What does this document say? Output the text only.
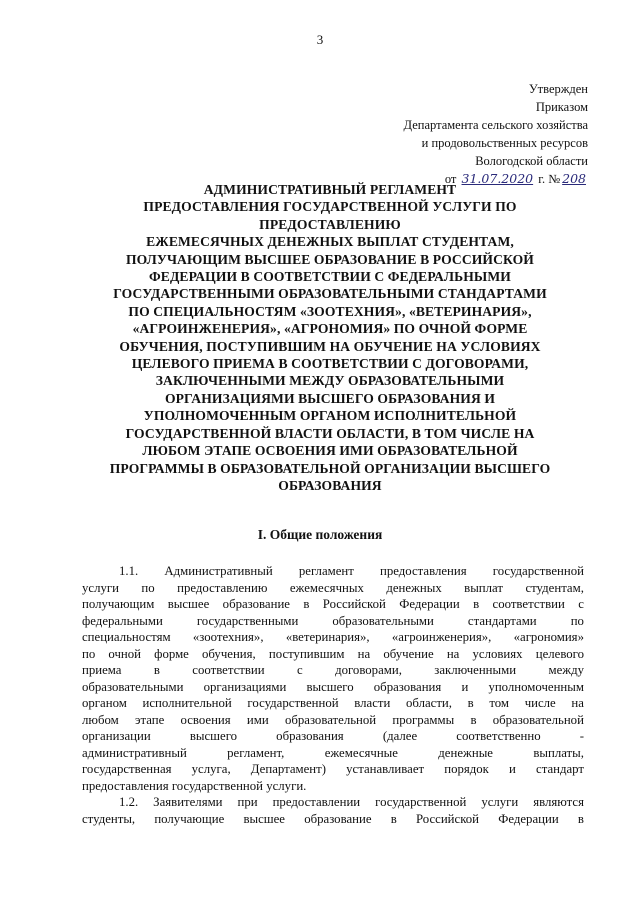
3
Утвержден
Приказом
Департамента сельского хозяйства
и продовольственных ресурсов
Вологодской области
от 31.07.2020 г. № 208
АДМИНИСТРАТИВНЫЙ РЕГЛАМЕНТ
ПРЕДОСТАВЛЕНИЯ ГОСУДАРСТВЕННОЙ УСЛУГИ ПО
ПРЕДОСТАВЛЕНИЮ
ЕЖЕМЕСЯЧНЫХ ДЕНЕЖНЫХ ВЫПЛАТ СТУДЕНТАМ,
ПОЛУЧАЮЩИМ ВЫСШЕЕ ОБРАЗОВАНИЕ В РОССИЙСКОЙ
ФЕДЕРАЦИИ В СООТВЕТСТВИИ С ФЕДЕРАЛЬНЫМИ
ГОСУДАРСТВЕННЫМИ ОБРАЗОВАТЕЛЬНЫМИ СТАНДАРТАМИ
ПО СПЕЦИАЛЬНОСТЯМ «ЗООТЕХНИЯ», «ВЕТЕРИНАРИЯ»,
«АГРОИНЖЕНЕРИЯ», «АГРОНОМИЯ» ПО ОЧНОЙ ФОРМЕ
ОБУЧЕНИЯ, ПОСТУПИВШИМ НА ОБУЧЕНИЕ НА УСЛОВИЯХ
ЦЕЛЕВОГО ПРИЕМА В СООТВЕТСТВИИ С ДОГОВОРАМИ,
ЗАКЛЮЧЕННЫМИ МЕЖДУ ОБРАЗОВАТЕЛЬНЫМИ
ОРГАНИЗАЦИЯМИ ВЫСШЕГО ОБРАЗОВАНИЯ И
УПОЛНОМОЧЕННЫМ ОРГАНОМ ИСПОЛНИТЕЛЬНОЙ
ГОСУДАРСТВЕННОЙ ВЛАСТИ ОБЛАСТИ, В ТОМ ЧИСЛЕ НА
ЛЮБОМ ЭТАПЕ ОСВОЕНИЯ ИМИ ОБРАЗОВАТЕЛЬНОЙ
ПРОГРАММЫ В ОБРАЗОВАТЕЛЬНОЙ ОРГАНИЗАЦИИ ВЫСШЕГО
ОБРАЗОВАНИЯ
I. Общие положения
1.1. Административный регламент предоставления государственной
услуги по предоставлению ежемесячных денежных выплат студентам,
получающим высшее образование в Российской Федерации в соответствии с
федеральными	государственными	образовательными	стандартами	по
специальностям «зоотехния», «ветеринария», «агроинженерия», «агрономия»
по очной форме обучения, поступившим на обучение на условиях целевого
приема	в	соответствии	с	договорами,	заключенными	между
образовательными организациями высшего образования и уполномоченным
органом исполнительной государственной власти области, в том числе на
любом этапе освоения ими образовательной программы в образовательной
организации	высшего	образования	(далее	соответственно	-
административный	регламент,	ежемесячные	денежные	выплаты,
государственная услуга, Департамент) устанавливает порядок и стандарт
предоставления государственной услуги.
1.2. Заявителями при предоставлении государственной услуги являются
студенты, получающие высшее образование в Российской Федерации в
